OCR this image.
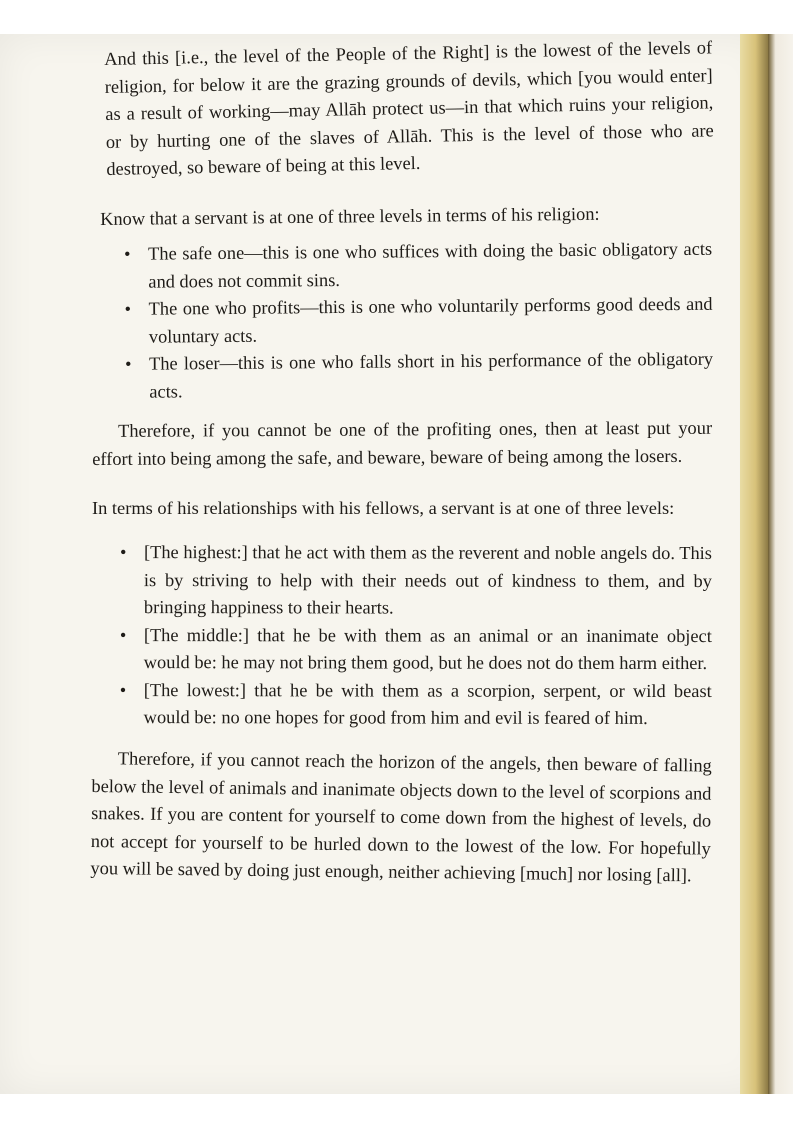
And this [i.e., the level of the People of the Right] is the lowest of the levels of religion, for below it are the grazing grounds of devils, which [you would enter] as a result of working—may Allāh protect us—in that which ruins your religion, or by hurting one of the slaves of Allāh. This is the level of those who are destroyed, so beware of being at this level.

Know that a servant is at one of three levels in terms of his religion:

• The safe one—this is one who suffices with doing the basic obligatory acts and does not commit sins.
• The one who profits—this is one who voluntarily performs good deeds and voluntary acts.
• The loser—this is one who falls short in his performance of the obligatory acts.

Therefore, if you cannot be one of the profiting ones, then at least put your effort into being among the safe, and beware, beware of being among the losers.

In terms of his relationships with his fellows, a servant is at one of three levels:

• [The highest:] that he act with them as the reverent and noble angels do. This is by striving to help with their needs out of kindness to them, and by bringing happiness to their hearts.
• [The middle:] that he be with them as an animal or an inanimate object would be: he may not bring them good, but he does not do them harm either.
• [The lowest:] that he be with them as a scorpion, serpent, or wild beast would be: no one hopes for good from him and evil is feared of him.

Therefore, if you cannot reach the horizon of the angels, then beware of falling below the level of animals and inanimate objects down to the level of scorpions and snakes. If you are content for yourself to come down from the highest of levels, do not accept for yourself to be hurled down to the lowest of the low. For hopefully you will be saved by doing just enough, neither achieving [much] nor losing [all].
